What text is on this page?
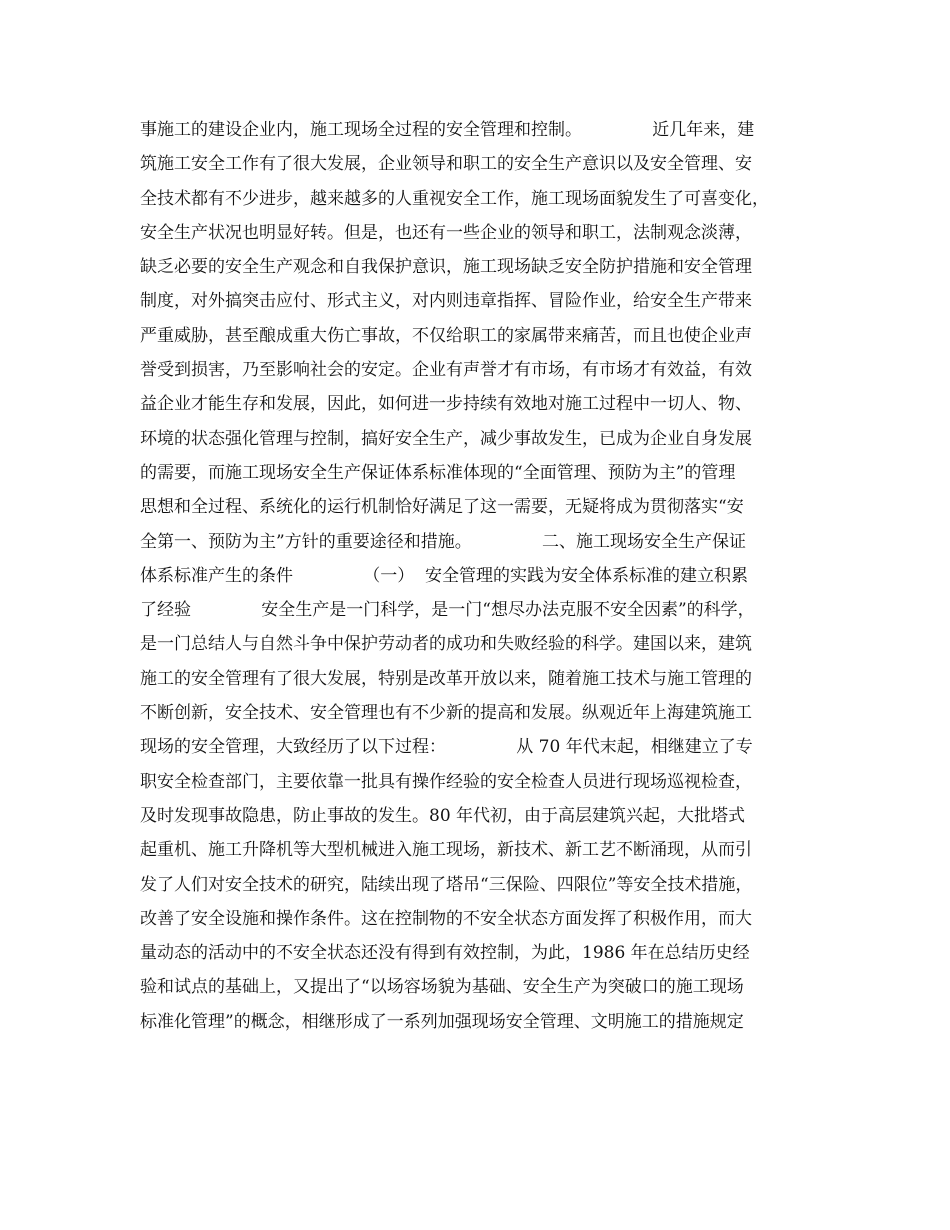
事施工的建设企业内，施工现场全过程的安全管理和控制。             近几年来，建
筑施工安全工作有了很大发展，企业领导和职工的安全生产意识以及安全管理、安
全技术都有不少进步，越来越多的人重视安全工作，施工现场面貌发生了可喜变化，
安全生产状况也明显好转。但是，也还有一些企业的领导和职工，法制观念淡薄，
缺乏必要的安全生产观念和自我保护意识，施工现场缺乏安全防护措施和安全管理
制度，对外搞突击应付、形式主义，对内则违章指挥、冒险作业，给安全生产带来
严重威胁，甚至酿成重大伤亡事故，不仅给职工的家属带来痛苦，而且也使企业声
誉受到损害，乃至影响社会的安定。企业有声誉才有市场，有市场才有效益，有效
益企业才能生存和发展，因此，如何进一步持续有效地对施工过程中一切人、物、
环境的状态强化管理与控制，搞好安全生产，减少事故发生，已成为企业自身发展
的需要，而施工现场安全生产保证体系标准体现的“全面管理、预防为主”的管理
思想和全过程、系统化的运行机制恰好满足了这一需要，无疑将成为贯彻落实“安
全第一、预防为主”方针的重要途径和措施。             二、施工现场安全生产保证
体系标准产生的条件             （一）  安全管理的实践为安全体系标准的建立积累
了经验             安全生产是一门科学，是一门“想尽办法克服不安全因素”的科学，
是一门总结人与自然斗争中保护劳动者的成功和失败经验的科学。建国以来，建筑
施工的安全管理有了很大发展，特别是改革开放以来，随着施工技术与施工管理的
不断创新，安全技术、安全管理也有不少新的提高和发展。纵观近年上海建筑施工
现场的安全管理，大致经历了以下过程：             从 70 年代末起，相继建立了专
职安全检查部门，主要依靠一批具有操作经验的安全检查人员进行现场巡视检查，
及时发现事故隐患，防止事故的发生。80 年代初，由于高层建筑兴起，大批塔式
起重机、施工升降机等大型机械进入施工现场，新技术、新工艺不断涌现，从而引
发了人们对安全技术的研究，陆续出现了塔吊“三保险、四限位”等安全技术措施，
改善了安全设施和操作条件。这在控制物的不安全状态方面发挥了积极作用，而大
量动态的活动中的不安全状态还没有得到有效控制，为此，1986 年在总结历史经
验和试点的基础上，又提出了“以场容场貌为基础、安全生产为突破口的施工现场
标准化管理”的概念，相继形成了一系列加强现场安全管理、文明施工的措施规定
